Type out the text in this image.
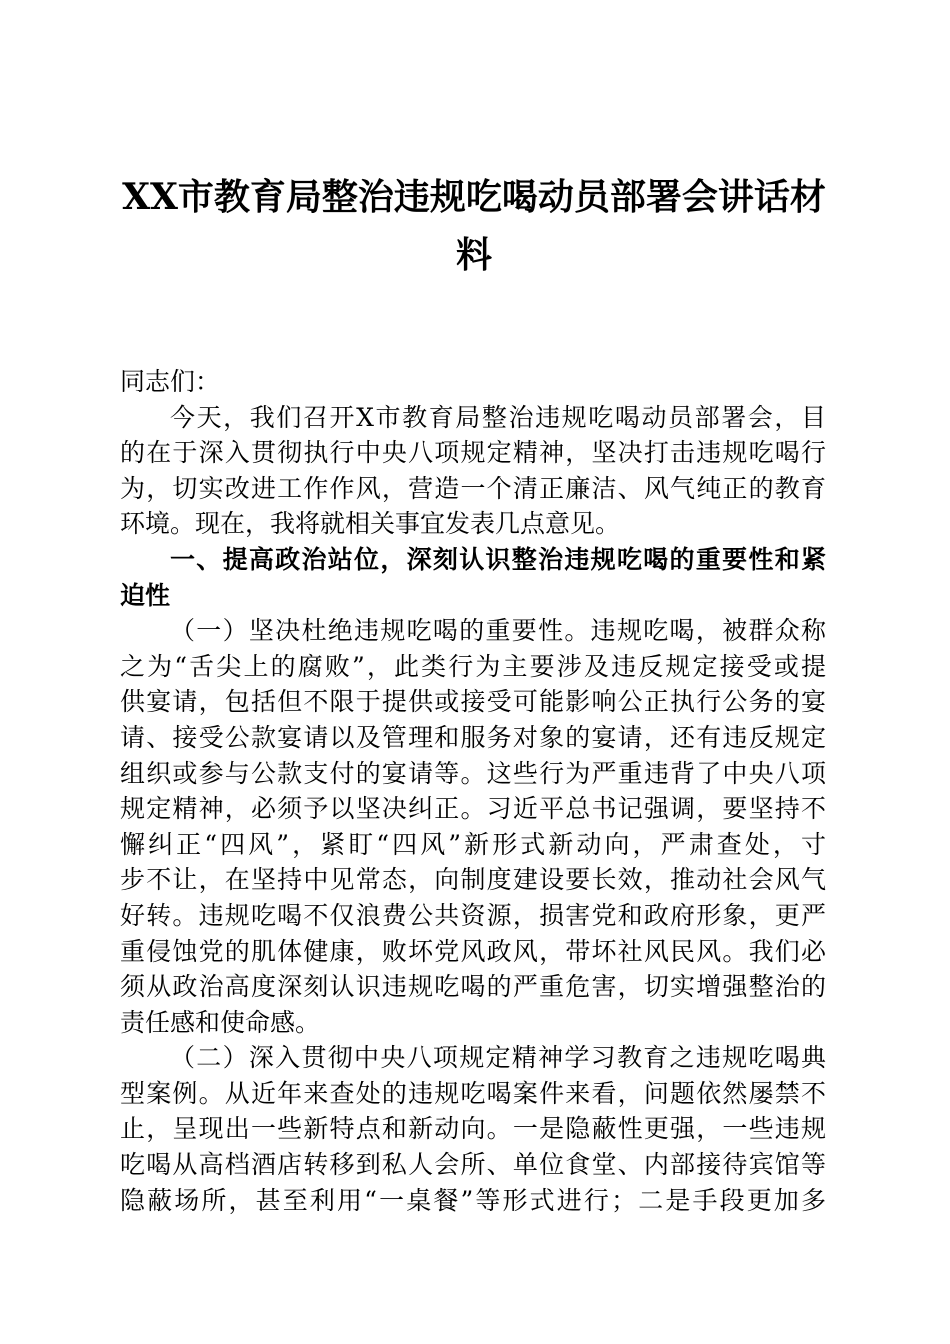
XX市教育局整治违规吃喝动员部署会讲话材料

同志们：

今天，我们召开X市教育局整治违规吃喝动员部署会，目

的在于深入贯彻执行中央八项规定精神，坚决打击违规吃喝行

为，切实改进工作作风，营造一个清正廉洁、风气纯正的教育

环境。现在，我将就相关事宜发表几点意见。

一、提高政治站位，深刻认识整治违规吃喝的重要性和紧

迫性

（一）坚决杜绝违规吃喝的重要性。违规吃喝，被群众称

之为“舌尖上的腐败”，此类行为主要涉及违反规定接受或提

供宴请，包括但不限于提供或接受可能影响公正执行公务的宴

请、接受公款宴请以及管理和服务对象的宴请，还有违反规定

组织或参与公款支付的宴请等。这些行为严重违背了中央八项

规定精神，必须予以坚决纠正。习近平总书记强调，要坚持不

懈纠正“四风”，紧盯“四风”新形式新动向，严肃查处，寸

步不让，在坚持中见常态，向制度建设要长效，推动社会风气

好转。违规吃喝不仅浪费公共资源，损害党和政府形象，更严

重侵蚀党的肌体健康，败坏党风政风，带坏社风民风。我们必

须从政治高度深刻认识违规吃喝的严重危害，切实增强整治的

责任感和使命感。

（二）深入贯彻中央八项规定精神学习教育之违规吃喝典

型案例。从近年来查处的违规吃喝案件来看，问题依然屡禁不

止，呈现出一些新特点和新动向。一是隐蔽性更强，一些违规

吃喝从高档酒店转移到私人会所、单位食堂、内部接待宾馆等

隐蔽场所，甚至利用“一桌餐”等形式进行；二是手段更加多
